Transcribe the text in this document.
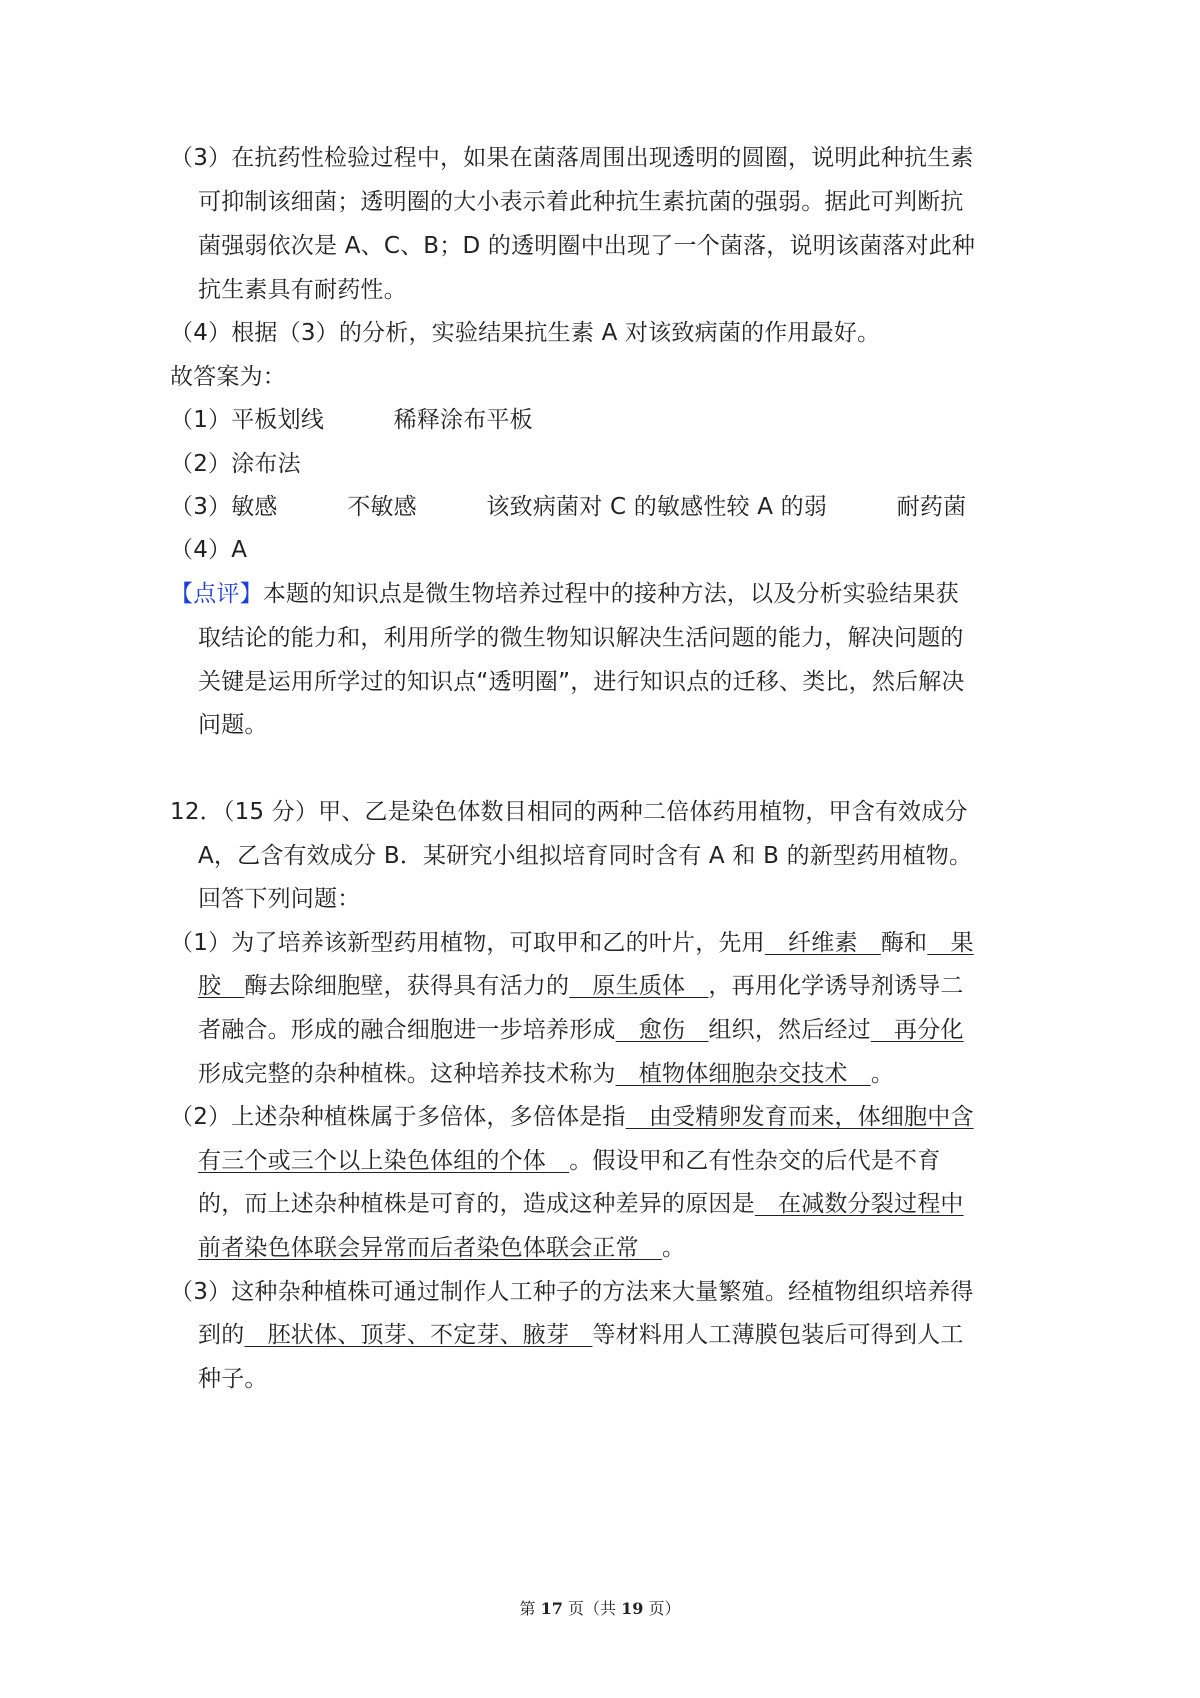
（3）在抗药性检验过程中，如果在菌落周围出现透明的圆圈，说明此种抗生素
可抑制该细菌；透明圈的大小表示着此种抗生素抗菌的强弱。据此可判断抗
菌强弱依次是 A、C、B；D 的透明圈中出现了一个菌落，说明该菌落对此种
抗生素具有耐药性。
（4）根据（3）的分析，实验结果抗生素 A 对该致病菌的作用最好。
故答案为：
（1）平板划线　　　稀释涂布平板
（2）涂布法
（3）敏感　　　不敏感　　　该致病菌对 C 的敏感性较 A 的弱　　　耐药菌
（4）A
【点评】本题的知识点是微生物培养过程中的接种方法，以及分析实验结果获
取结论的能力和，利用所学的微生物知识解决生活问题的能力，解决问题的
关键是运用所学过的知识点“透明圈”，进行知识点的迁移、类比，然后解决
问题。
12．（15 分）甲、乙是染色体数目相同的两种二倍体药用植物，甲含有效成分
A，乙含有效成分 B．某研究小组拟培育同时含有 A 和 B 的新型药用植物。
回答下列问题：
（1）为了培养该新型药用植物，可取甲和乙的叶片，先用　纤维素　酶和　果
胶　酶去除细胞壁，获得具有活力的　原生质体　，再用化学诱导剂诱导二
者融合。形成的融合细胞进一步培养形成　愈伤　组织，然后经过　再分化
形成完整的杂种植株。这种培养技术称为　植物体细胞杂交技术　。
（2）上述杂种植株属于多倍体，多倍体是指　由受精卵发育而来，体细胞中含
有三个或三个以上染色体组的个体　。假设甲和乙有性杂交的后代是不育
的，而上述杂种植株是可育的，造成这种差异的原因是　在减数分裂过程中
前者染色体联会异常而后者染色体联会正常　。
（3）这种杂种植株可通过制作人工种子的方法来大量繁殖。经植物组织培养得
到的　胚状体、顶芽、不定芽、腋芽　等材料用人工薄膜包装后可得到人工
种子。
第 17 页（共 19 页）
